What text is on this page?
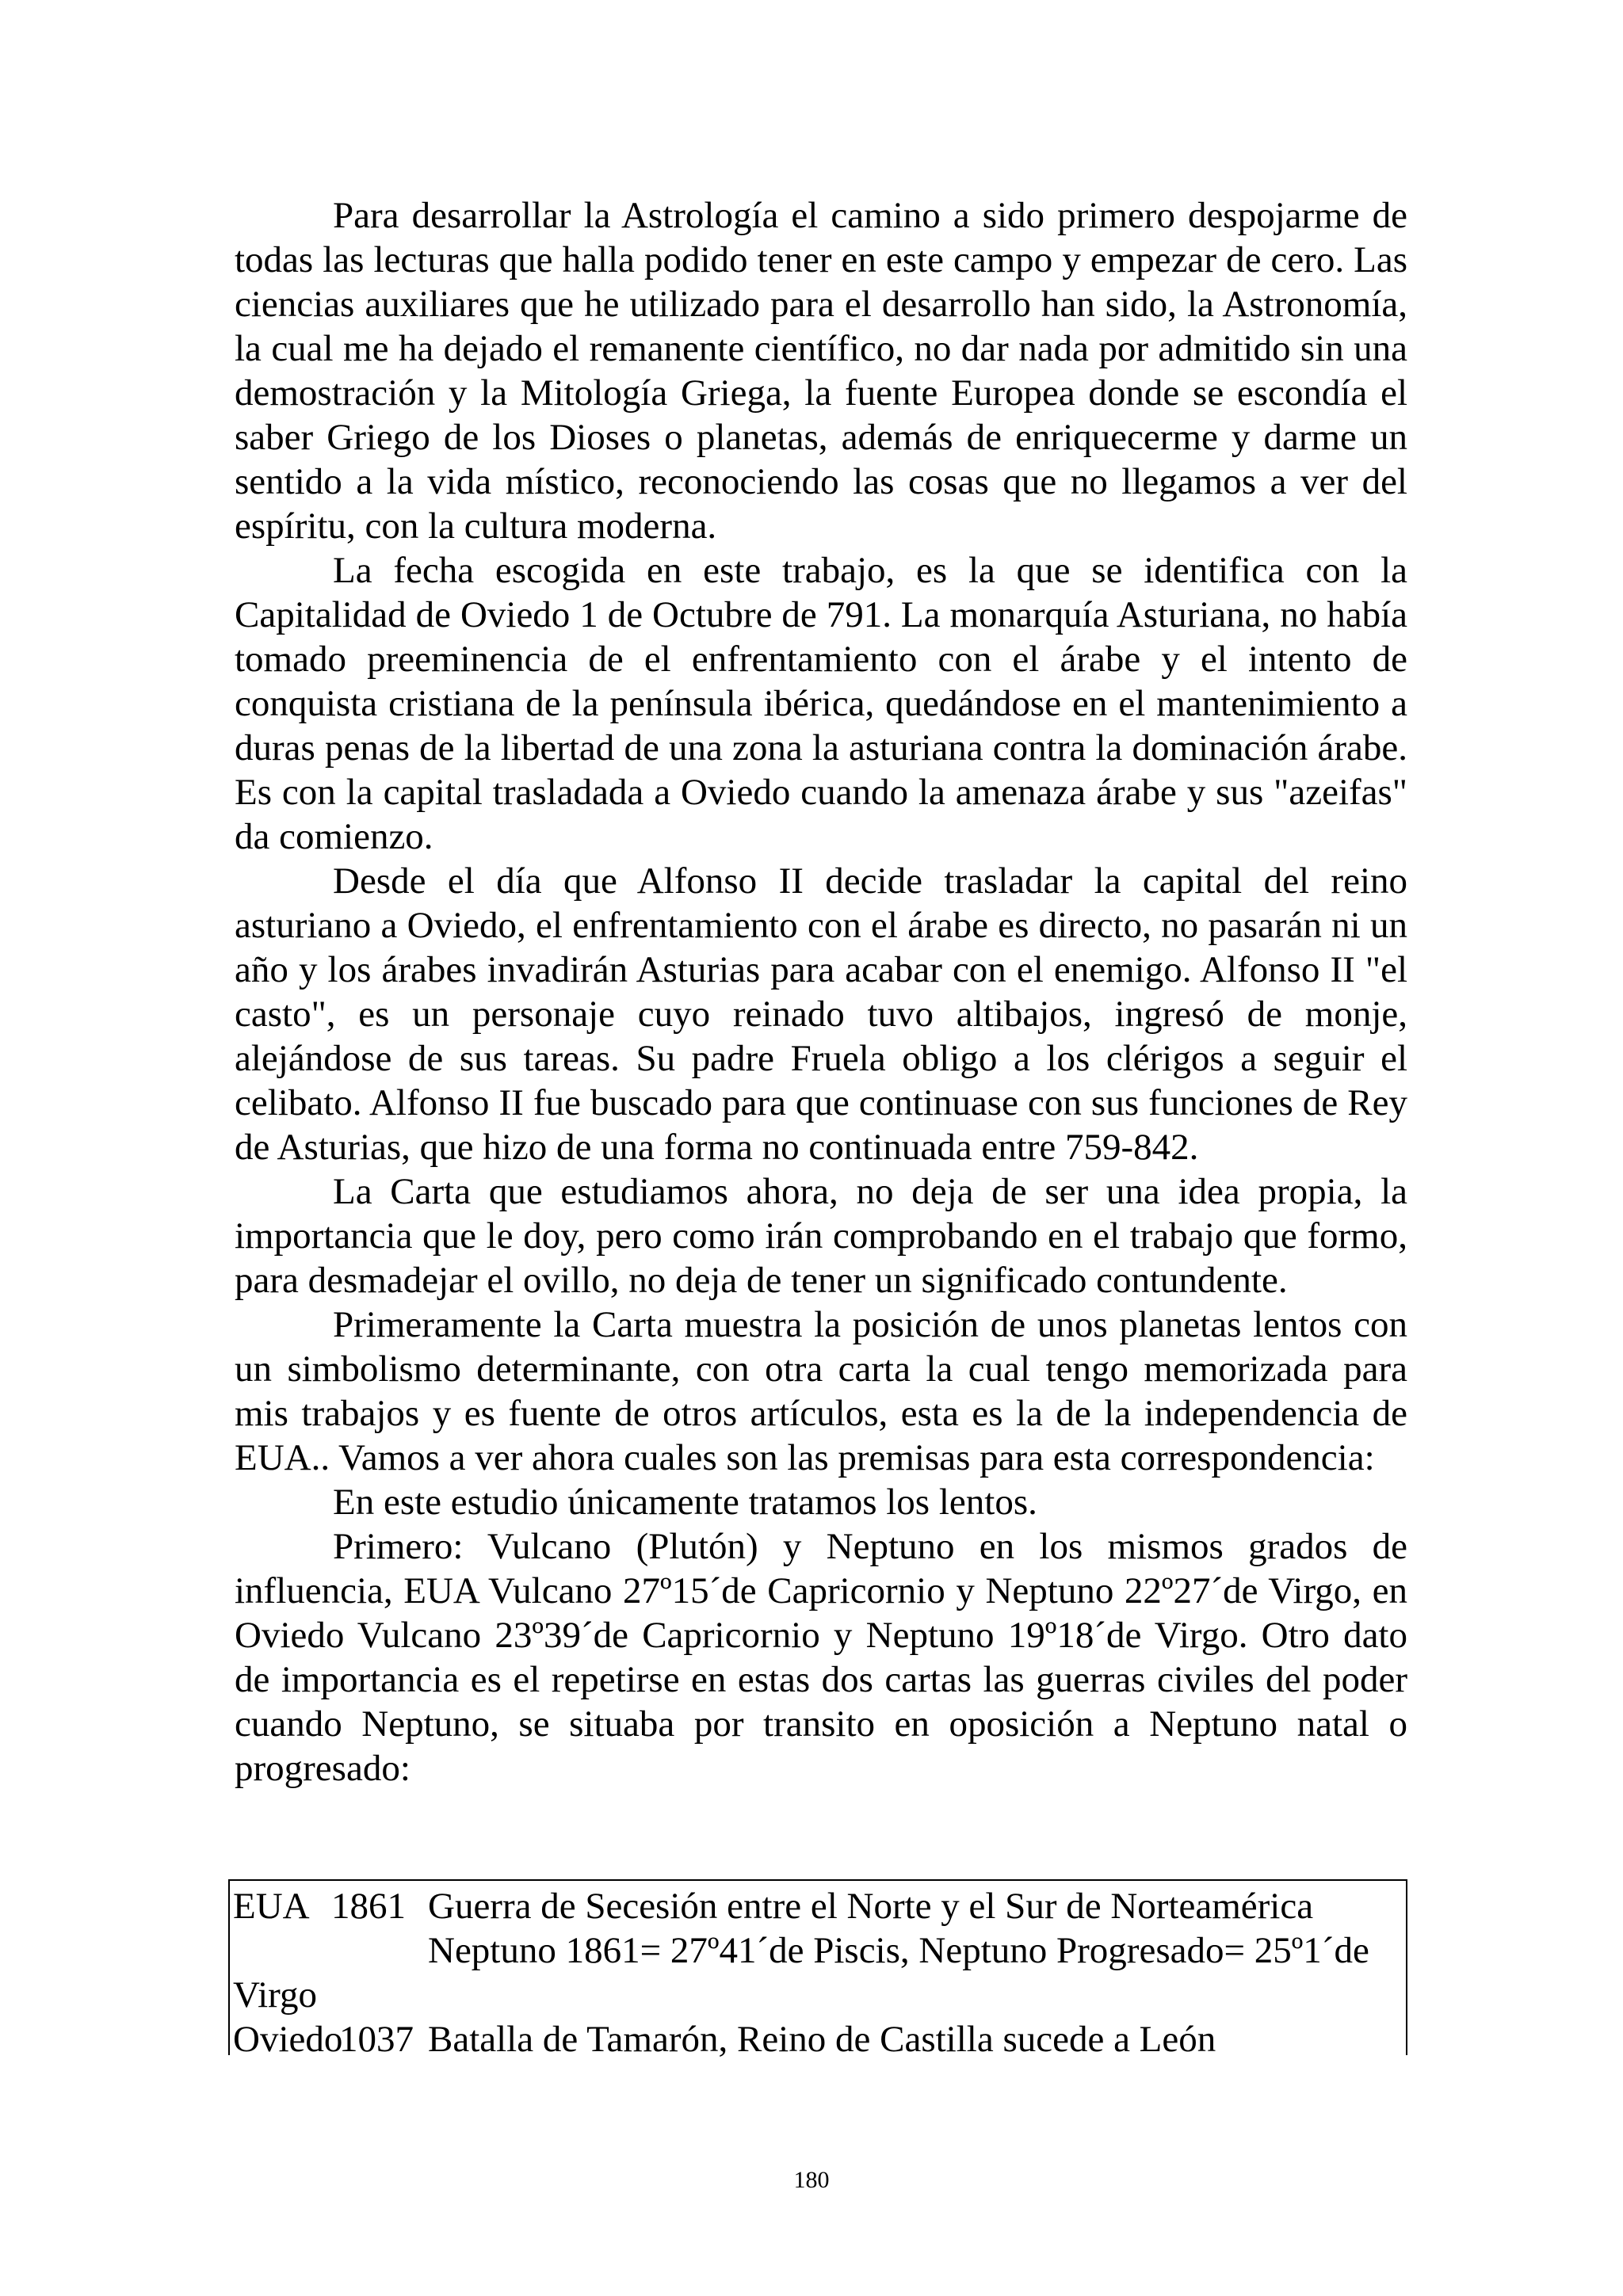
Para desarrollar la Astrología el camino a sido primero despojarme de todas las lecturas que halla podido tener en este campo y empezar de cero. Las ciencias auxiliares que he utilizado para el desarrollo han sido, la Astronomía, la cual me ha dejado el remanente científico, no dar nada por admitido sin una demostración y la Mitología Griega, la fuente Europea donde se escondía el saber Griego de los Dioses o planetas, además de enriquecerme y darme un sentido a la vida místico, reconociendo las cosas que no llegamos a ver del espíritu, con la cultura moderna.

La fecha escogida en este trabajo, es la que se identifica con la Capitalidad de Oviedo 1 de Octubre de 791. La monarquía Asturiana, no había tomado preeminencia de el enfrentamiento con el árabe y el intento de conquista cristiana de la península ibérica, quedándose en el mantenimiento a duras penas de la libertad de una zona la asturiana contra la dominación árabe. Es con la capital trasladada a Oviedo cuando la amenaza árabe y sus "azeifas" da comienzo.

Desde el día que Alfonso II decide trasladar la capital del reino asturiano a Oviedo, el enfrentamiento con el árabe es directo, no pasarán ni un año y los árabes invadirán Asturias para acabar con el enemigo. Alfonso II "el casto", es un personaje cuyo reinado tuvo altibajos, ingresó de monje, alejándose de sus tareas. Su padre Fruela obligo a los clérigos a seguir el celibato. Alfonso II fue buscado para que continuase con sus funciones de Rey de Asturias, que hizo de una forma no continuada entre 759-842.

La Carta que estudiamos ahora, no deja de ser una idea propia, la importancia que le doy, pero como irán comprobando en el trabajo que formo, para desmadejar el ovillo, no deja de tener un significado contundente.

Primeramente la Carta muestra la posición de unos planetas lentos con un simbolismo determinante, con otra carta la cual tengo memorizada para mis trabajos y es fuente de otros artículos, esta es la de la independencia de EUA.. Vamos a ver ahora cuales son las premisas para esta correspondencia:

En este estudio únicamente tratamos los lentos.

Primero: Vulcano (Plutón) y Neptuno en los mismos grados de influencia, EUA Vulcano 27º15´de Capricornio y Neptuno 22º27´de Virgo, en Oviedo Vulcano 23º39´de Capricornio y Neptuno 19º18´de Virgo. Otro dato de importancia es el repetirse en estas dos cartas las guerras civiles del poder cuando Neptuno, se situaba por transito en oposición a Neptuno natal o progresado:

EUA 1861 Guerra de Secesión entre el Norte y el Sur de Norteamérica
Neptuno 1861= 27º41´de Piscis, Neptuno Progresado= 25º1´de
Virgo
Oviedo
1037 Batalla de Tamarón, Reino de Castilla sucede a León
180
